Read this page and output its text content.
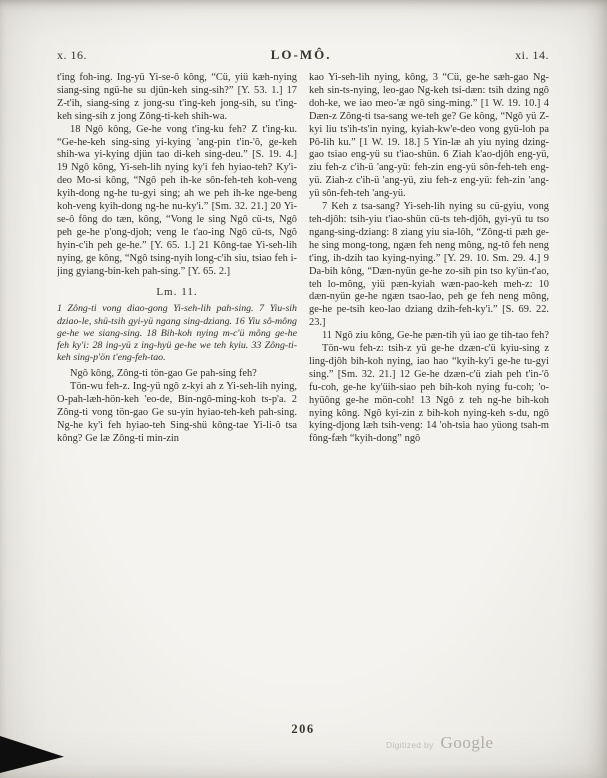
x. 16.	LO-MÔ.	xi. 14.

t'ing foh-ing. Ing-yü Yi-se-ô kông, “Cü, yiü kæh-nying siang-sing ngü-he su djün-keh sing-sih?” [Y. 53. 1.] 17 Z-t'ih, siang-sing z jong-su t'ing-keh jong-sih, su t'ing-keh sing-sih z jong Zông-ti-keh shih-wa.

18 Ngô kông, Ge-he vong t'ing-ku feh? Z t'ing-ku. “Ge-he-keh sing-sing yi-kying 'ang-pin t'in-'ô, ge-keh shih-wa yi-kying djün tao di-keh sing-deu.” [S. 19. 4.] 19 Ngô kông, Yi-seh-lih nying ky'i feh hyiao-teh? Ky'i-deo Mo-si kông, “Ngô peh ih-ke sôn-feh-teh koh-veng kyih-dong ng-he tu-gyi sing; ah we peh ih-ke nge-beng koh-veng kyih-dong ng-he nu-ky'i.” [Sm. 32. 21.] 20 Yi-se-ô fông do tæn, kông, “Vong le sing Ngô cü-ts, Ngô peh ge-he p'ong-djoh; veng le t'ao-ing Ngô cü-ts, Ngô hyin-c'ih peh ge-he.” [Y. 65. 1.] 21 Kông-tae Yi-seh-lih nying, ge kông, “Ngô tsing-nyih long-c'ih siu, tsiao feh i-jing gyiang-bin-keh pah-sing.” [Y. 65. 2.]

Lm. 11.

1 Zông-ti vong diao-gong Yi-seh-lih pah-sing. 7 Yiu-sih dziao-le, shü-tsih gyi-yü ngang sing-dziang. 16 Yiu sô-mông ge-he we siang-sing. 18 Bih-koh nying m-c'ü mông ge-he feh ky'i: 28 ing-yü z ing-hyü ge-he we teh kyiu. 33 Zông-ti-keh sing-p'ön t'eng-feh-tao.

Ngô kông, Zông-ti tön-gao Ge pah-sing feh?

Tön-wu feh-z. Ing-yü ngô z-kyi ah z Yi-seh-lih nying, O-pah-læh-hön-keh 'eo-de, Bin-ngô-ming-koh ts-p'a. 2 Zông-ti vong tön-gao Ge su-yin hyiao-teh-keh pah-sing. Ng-he ky'i feh hyiao-teh Sing-shü kông-tae Yi-li-ô tsa kông? Ge læ Zông-ti min-zin

kao Yi-seh-lih nying, kông, 3 “Cü, ge-he sæh-gao Ng-keh sin-ts-nying, leo-gao Ng-keh tsi-dæn: tsih dzing ngô doh-ke, we iao meo-'æ ngô sing-ming.” [1 W. 19. 10.] 4 Dæn-z Zông-ti tsa-sang we-teh ge? Ge kông, “Ngô yü Z-kyi liu ts'ih-ts'in nying, kyiah-kw'e-deo vong gyü-loh pa Pô-lih ku.” [1 W. 19. 18.] 5 Yin-læ ah yiu nying dzing-gao tsiao eng-yü su t'iao-shün. 6 Ziah k'ao-djôh eng-yü, ziu feh-z c'ih-ü 'ang-yü: feh-zin eng-yü sôn-feh-teh eng-yü. Ziah-z c'ih-ü 'ang-yü, ziu feh-z eng-yü: feh-zin 'ang-yü sôn-feh-teh 'ang-yü.

7 Keh z tsa-sang? Yi-seh-lih nying su cü-gyiu, vong teh-djôh: tsih-yiu t'iao-shün cü-ts teh-djôh, gyi-yü tu tso ngang-sing-dziang: 8 ziang yiu sia-lôh, “Zông-ti pæh ge-he sing mong-tong, ngæn feh neng mông, ng-tô feh neng t'ing, ih-dzih tao kying-nying.” [Y. 29. 10. Sm. 29. 4.] 9 Da-bih kông, “Dæn-nyün ge-he zo-sih pin tso ky'ün-t'ao, teh lo-mông, yiü pæn-kyiah wæn-pao-keh meh-z: 10 dæn-nyün ge-he ngæn tsao-lao, peh ge feh neng mông, ge-he pe-tsih keo-lao dziang dzih-feh-ky'i.” [S. 69. 22. 23.]

11 Ngô ziu kông, Ge-he pæn-tih yü iao ge tih-tao feh?

Tön-wu feh-z: tsih-z yü ge-he dzæn-c'ü kyiu-sing z ling-djôh bih-koh nying, iao hao “kyih-ky'i ge-he tu-gyi sing.” [Sm. 32. 21.] 12 Ge-he dzæn-c'ü ziah peh t'in-'ô fu-coh, ge-he ky'üih-siao peh bih-koh nying fu-coh; 'o-hyüông ge-he mön-coh! 13 Ngô z teh ng-he bih-koh nying kông. Ngô kyi-zin z bih-koh nying-keh s-du, ngô kying-djong læh tsih-veng: 14 'oh-tsia hao yüong tsah-m fông-fæh “kyih-dong” ngô

206
Digitized by Google
